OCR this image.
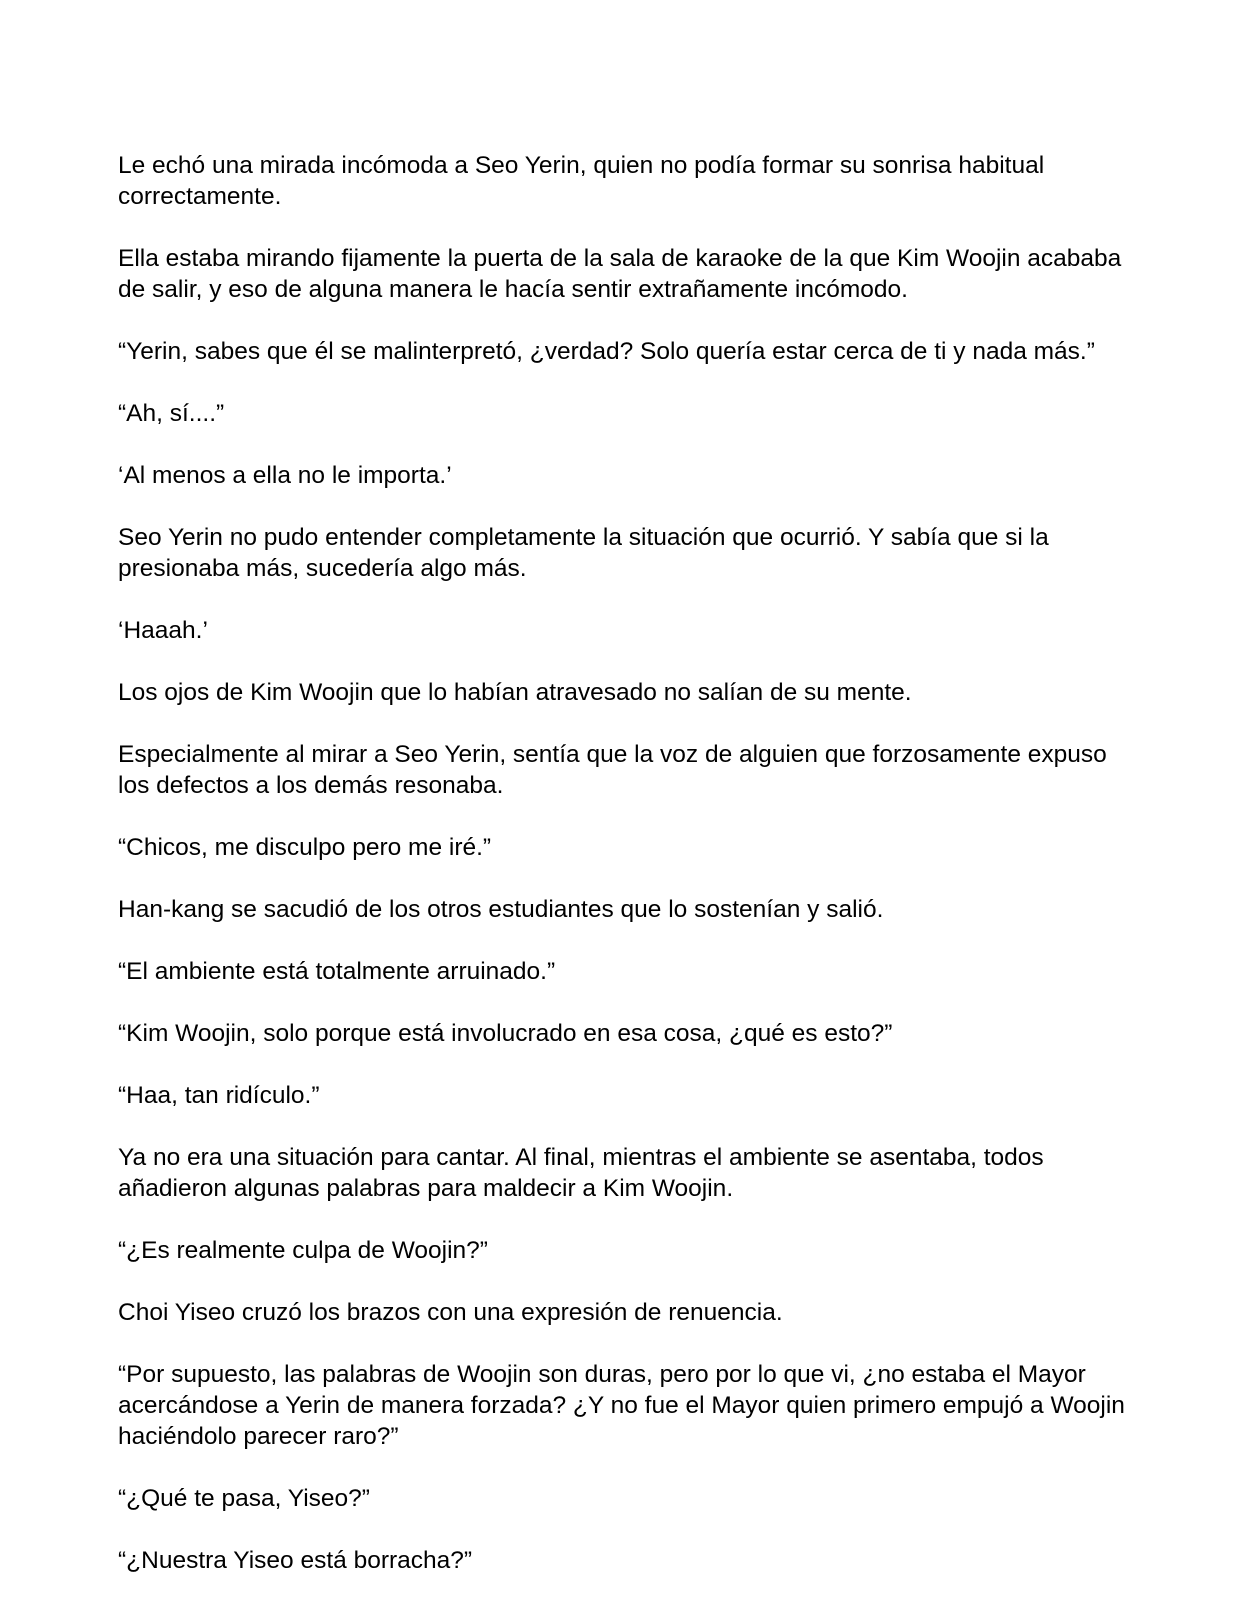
Le echó una mirada incómoda a Seo Yerin, quien no podía formar su sonrisa habitual correctamente.

Ella estaba mirando fijamente la puerta de la sala de karaoke de la que Kim Woojin acababa de salir, y eso de alguna manera le hacía sentir extrañamente incómodo.

“Yerin, sabes que él se malinterpretó, ¿verdad? Solo quería estar cerca de ti y nada más.”

“Ah, sí....”

‘Al menos a ella no le importa.’

Seo Yerin no pudo entender completamente la situación que ocurrió. Y sabía que si la presionaba más, sucedería algo más.

‘Haaah.’

Los ojos de Kim Woojin que lo habían atravesado no salían de su mente.

Especialmente al mirar a Seo Yerin, sentía que la voz de alguien que forzosamente expuso los defectos a los demás resonaba.

“Chicos, me disculpo pero me iré.”

Han-kang se sacudió de los otros estudiantes que lo sostenían y salió.

“El ambiente está totalmente arruinado.”

“Kim Woojin, solo porque está involucrado en esa cosa, ¿qué es esto?”

“Haa, tan ridículo.”

Ya no era una situación para cantar. Al final, mientras el ambiente se asentaba, todos añadieron algunas palabras para maldecir a Kim Woojin.

“¿Es realmente culpa de Woojin?”

Choi Yiseo cruzó los brazos con una expresión de renuencia.

“Por supuesto, las palabras de Woojin son duras, pero por lo que vi, ¿no estaba el Mayor acercándose a Yerin de manera forzada? ¿Y no fue el Mayor quien primero empujó a Woojin haciéndolo parecer raro?”

“¿Qué te pasa, Yiseo?”

“¿Nuestra Yiseo está borracha?”
